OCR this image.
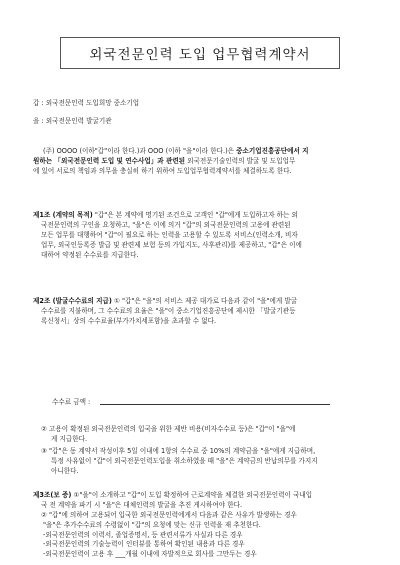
외국전문인력 도입 업무협력계약서
갑 : 외국전문인력 도입희망 중소기업
을 : 외국전문인력 발굴기관
(주) OOOO (이하"갑"이라 한다.)과 OOO (이하 "을"이라 한다.)은 중소기업진흥공단에서 지
원하는 「외국전문인력 도입 및 연수사업」과 관련된 외국전문기술인력의 발굴 및 도입업무
에 있어 서로의 책임과 의무을 충실히 하기 위하여 도입업무협력계약서를 체결하도록 한다.
제1조 (계약의 목적) "갑"은 본 계약에 명기된 조건으로 고객인 "갑"에게 도입하고자 하는 외
국전문인력의 구인을 요청하고, "을"은 이에 의거 "갑"의 외국전문인력의 고용에 관련된
모든 업무를 대행하여 "갑"이 필요로 하는 인력을 고용할 수 있도록 서비스(인력소개, 비자
업무, 외국인등록증 발급 및 관련제 보험 등의 가입지도, 사후관리)를 제공하고, "갑"은 이에
대하여 약정된 수수료를 지급한다.
제2조 (발굴수수료의 지급) ① "갑"은 "을"의 서비스 제공 대가로 다음과 같이 "을"에게 발굴
수수료를 지불하며, 그 수수료의 요율은 "을"이 중소기업진흥공단에 제시한 「발굴기관등
록신청서」상의 수수료율(부가가치세포함)을 초과할 수 없다.
수수료 금액 :
② 고용이 확정된 외국전문인력의 입국을 위한 제반 비용(비자수수료 등)은 "갑"이 "을"에
게 지급한다.
③ "갑"은 동 계약서 작성이후 5일 이내에 1항의 수수료 중 10%의 계약금을 "을"에게 지급하며,
특정 사유없이 "갑"이 외국전문인력도입을 취소하였을 때 "을"은 계약금의 반납의무를 가지지
아니한다.
제3조(보 증) ①"을"이 소개하고 "갑"이 도입 확정하여 근로계약을 체결한 외국전문인력이 국내입
국 전 계약을 파기 시 "을"은 대체인력의 발굴을 추진 게시하여야 한다.
② "갑"에 의하여 고용되어 입국한 외국전문인력에게서 다음과 같은 사유가 발생하는 경우
"을"은 추가수수료의 수령없이 "갑"의 요청에 맞는 신규 인력을 재 추천한다.
-외국전문인력의 이력서, 졸업증명서, 등 관련서류가 사실과 다른 경우
-외국전문인력의 기술능력이 인터뷰를 통하여 확인된 내용과 다른 경우
-외국전문인력이 고용 후 ___개월 이내에 자발적으로 회사를 그만두는 경우
